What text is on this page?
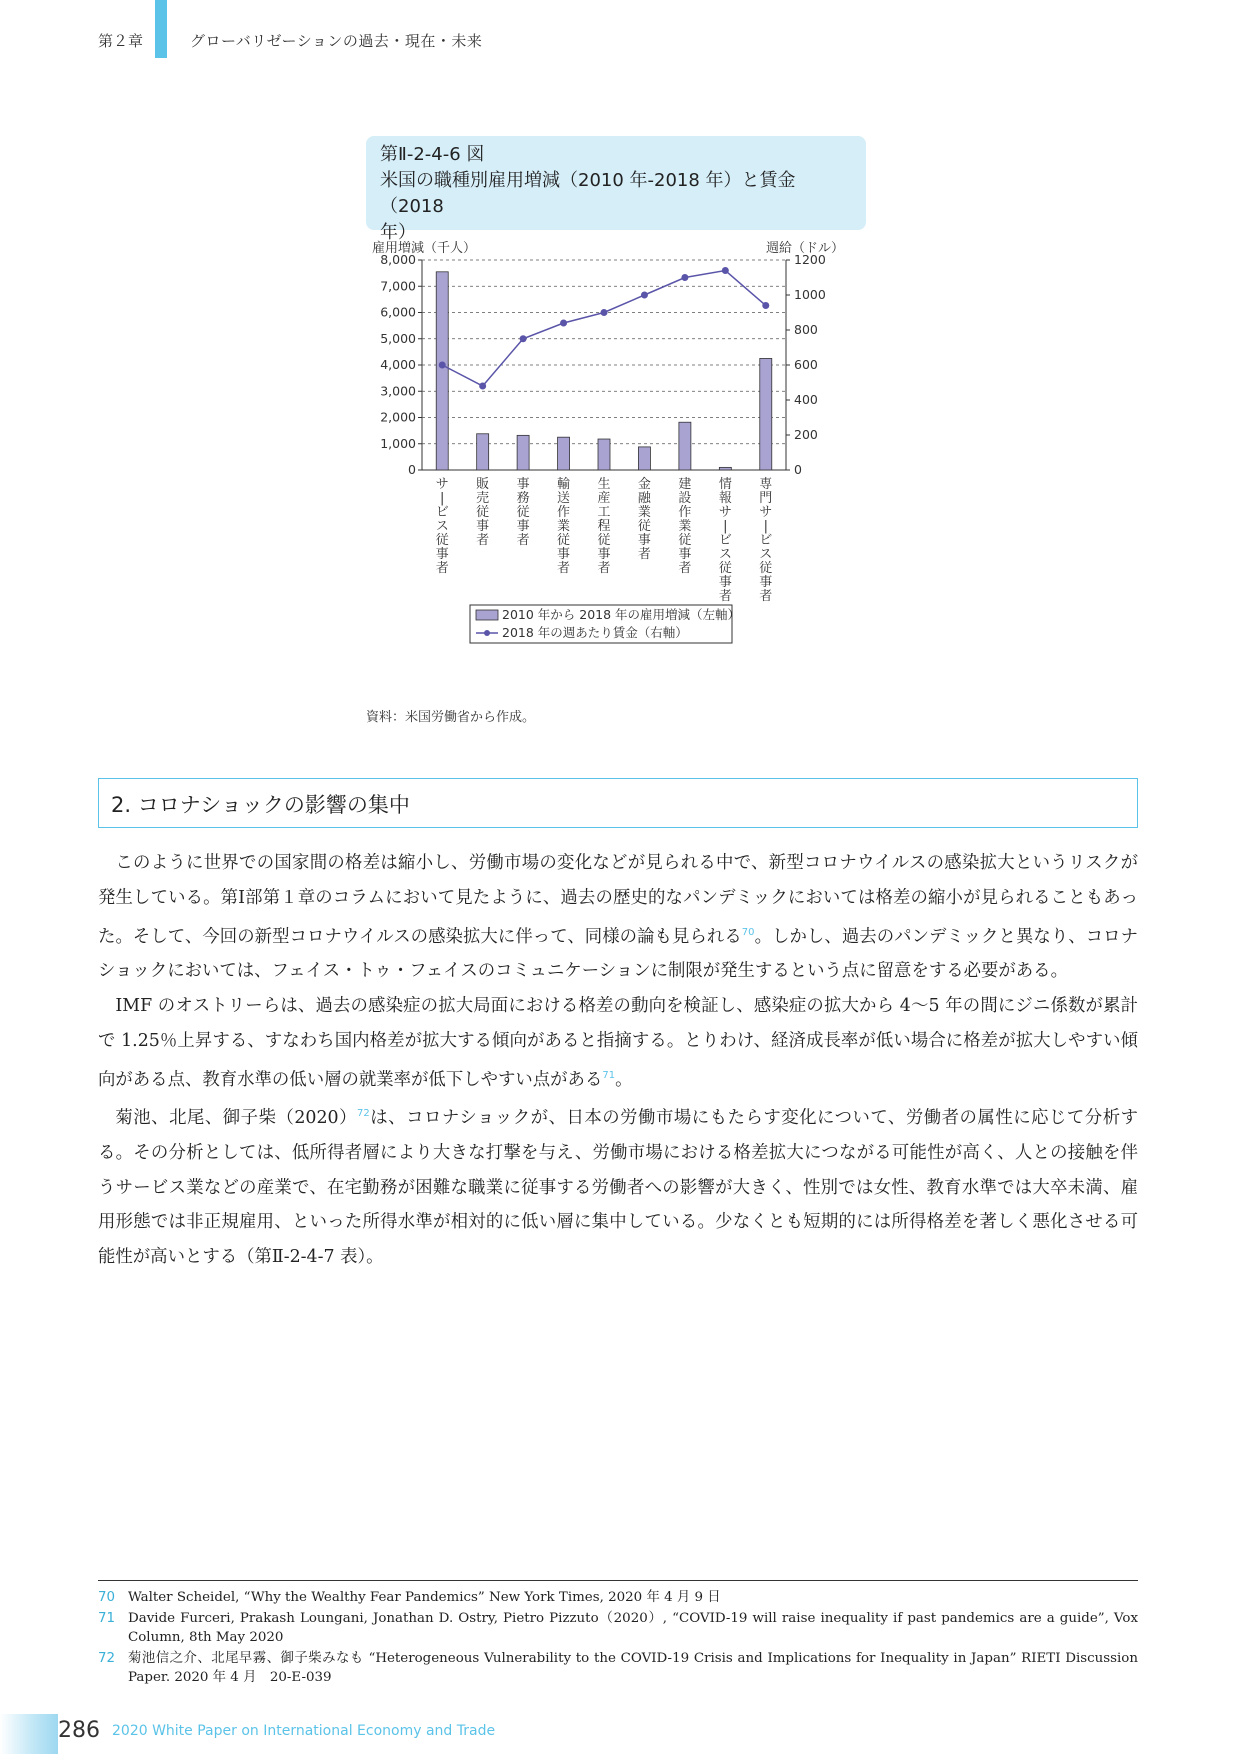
第２章	グローバリゼーションの過去・現在・未来
第Ⅱ-2-4-6 図
米国の職種別雇用増減（2010 年-2018 年）と賃金（2018
年）
雇用増減（千人）	週給（ドル）
8,000
7,000
6,000
5,000
4,000
3,000
2,000
1,000
0
1200
1000
800
600
400
200
0
サ|ビス従事者
販売従事者
事務従事者
輸送作業従事者
生産工程従事者
金融業従事者
建設作業従事者
情報サ|ビス従事者
専門サ|ビス従事者
2010 年から 2018 年の雇用増減（左軸）
2018 年の週あたり賃金（右軸）
資料：米国労働省から作成。
2. コロナショックの影響の集中

このように世界での国家間の格差は縮小し、労働市場の変化などが見られる中で、新型コロナウイルスの感染拡大というリスクが発生している。第Ⅰ部第１章のコラムにおいて見たように、過去の歴史的なパンデミックにおいては格差の縮小が見られることもあった。そして、今回の新型コロナウイルスの感染拡大に伴って、同様の論も見られる$^{70}$。しかし、過去のパンデミックと異なり、コロナショックにおいては、フェイス・トゥ・フェイスのコミュニケーションに制限が発生するという点に留意をする必要がある。

IMF のオストリーらは、過去の感染症の拡大局面における格差の動向を検証し、感染症の拡大から 4〜5 年の間にジニ係数が累計で 1.25％上昇する、すなわち国内格差が拡大する傾向があると指摘する。とりわけ、経済成長率が低い場合に格差が拡大しやすい傾向がある点、教育水準の低い層の就業率が低下しやすい点がある$^{71}$。

菊池、北尾、御子柴（2020）$^{72}$は、コロナショックが、日本の労働市場にもたらす変化について、労働者の属性に応じて分析する。その分析としては、低所得者層により大きな打撃を与え、労働市場における格差拡大につながる可能性が高く、人との接触を伴うサービス業などの産業で、在宅勤務が困難な職業に従事する労働者への影響が大きく、性別では女性、教育水準では大卒未満、雇用形態では非正規雇用、といった所得水準が相対的に低い層に集中している。少なくとも短期的には所得格差を著しく悪化させる可能性が高いとする（第Ⅱ-2-4-7 表）。

70 Walter Scheidel, “Why the Wealthy Fear Pandemics” New York Times, 2020 年 4 月 9 日
71 Davide Furceri, Prakash Loungani, Jonathan D. Ostry, Pietro Pizzuto（2020）, “COVID-19 will raise inequality if past pandemics are a guide”, Vox Column, 8th May 2020
72 菊池信之介、北尾早霧、御子柴みなも “Heterogeneous Vulnerability to the COVID-19 Crisis and Implications for Inequality in Japan” RIETI Discussion Paper. 2020 年 4 月　20-E-039
286 2020 White Paper on International Economy and Trade
